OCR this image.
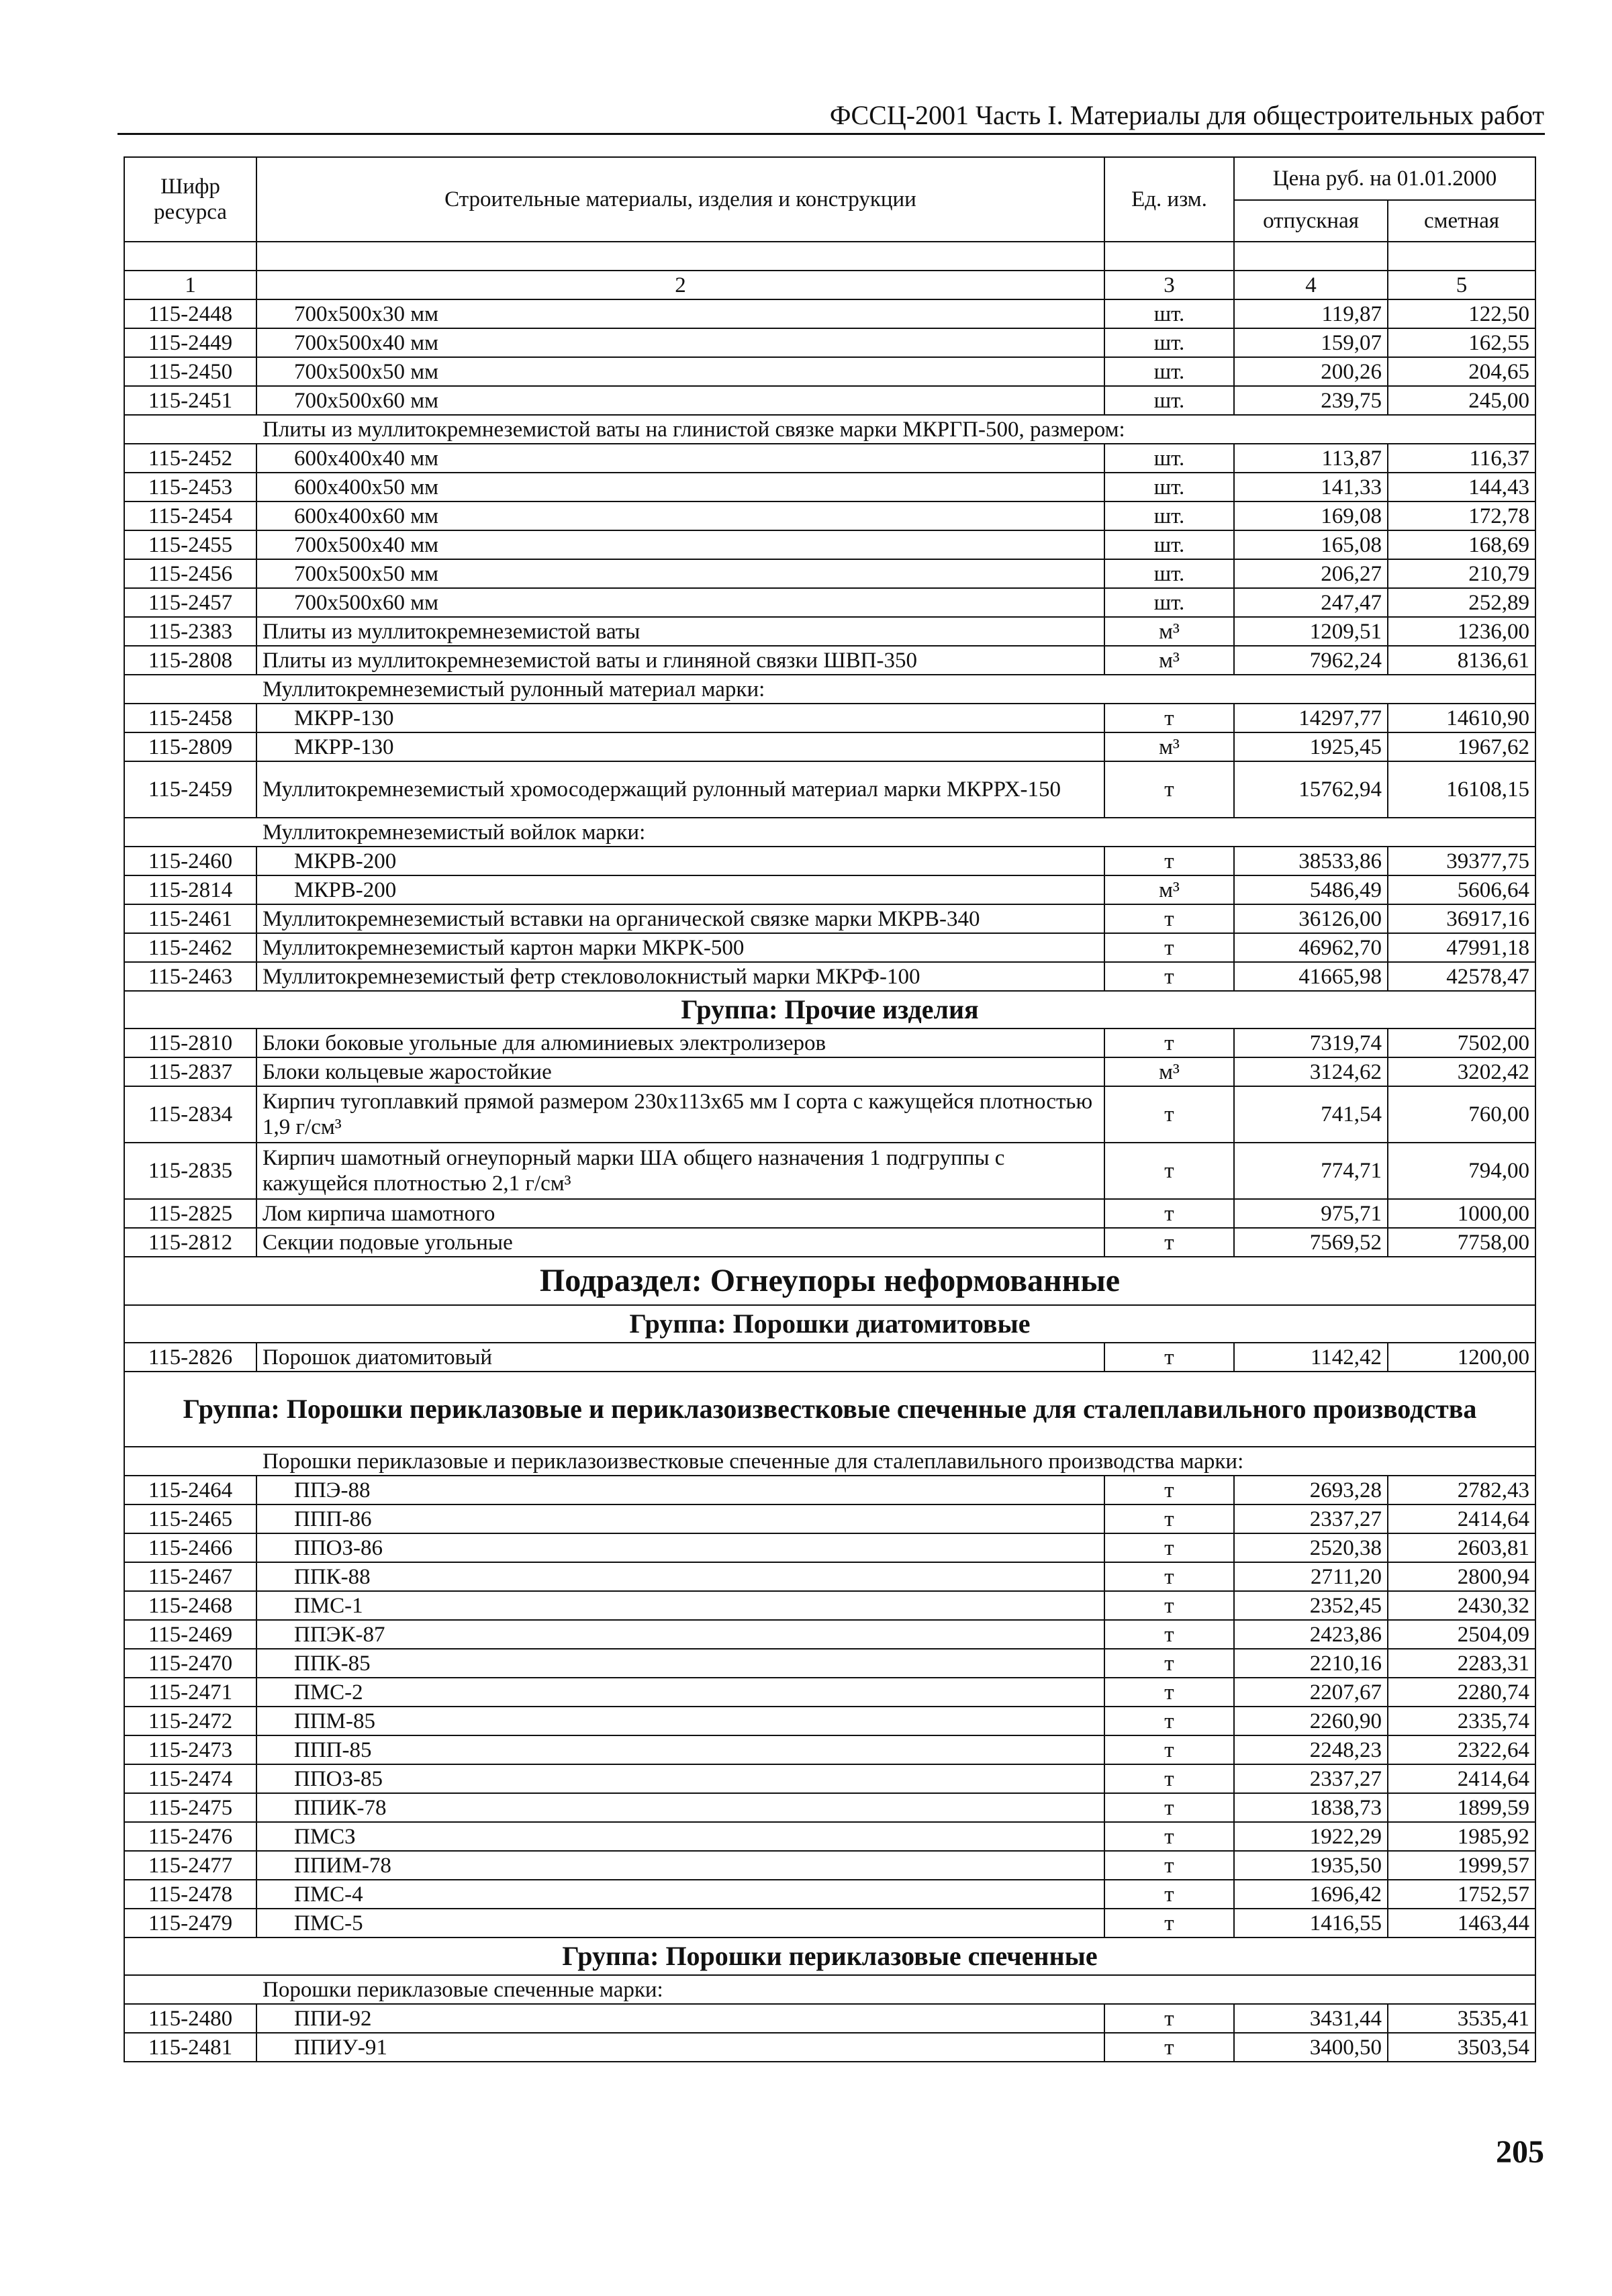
ФССЦ-2001 Часть I. Материалы для общестроительных работ
Шифр ресурса	Строительные материалы, изделия и конструкции	Ед. изм.	Цена руб. на 01.01.2000	
			отпускная	сметная

1	2	3	4	5
115-2448	700х500х30 мм	шт.	119,87	122,50
115-2449	700х500х40 мм	шт.	159,07	162,55
115-2450	700х500х50 мм	шт.	200,26	204,65
115-2451	700х500х60 мм	шт.	239,75	245,00
Плиты из муллитокремнеземистой ваты на глинистой связке марки МКРГП-500, размером:				
115-2452	600х400х40 мм	шт.	113,87	116,37
115-2453	600х400х50 мм	шт.	141,33	144,43
115-2454	600х400х60 мм	шт.	169,08	172,78
115-2455	700х500х40 мм	шт.	165,08	168,69
115-2456	700х500х50 мм	шт.	206,27	210,79
115-2457	700х500х60 мм	шт.	247,47	252,89
115-2383	Плиты из муллитокремнеземистой ваты	м³	1209,51	1236,00
115-2808	Плиты из муллитокремнеземистой ваты и глиняной связки ШВП-350	м³	7962,24	8136,61
Муллитокремнеземистый рулонный материал марки:				
115-2458	МКРР-130	т	14297,77	14610,90
115-2809	МКРР-130	м³	1925,45	1967,62
115-2459	Муллитокремнеземистый хромосодержащий рулонный материал марки МКРРХ-150	т	15762,94	16108,15
Муллитокремнеземистый войлок марки:				
115-2460	МКРВ-200	т	38533,86	39377,75
115-2814	МКРВ-200	м³	5486,49	5606,64
115-2461	Муллитокремнеземистый вставки на органической связке марки МКРВ-340	т	36126,00	36917,16
115-2462	Муллитокремнеземистый картон марки МКРК-500	т	46962,70	47991,18
115-2463	Муллитокремнеземистый фетр стекловолокнистый марки МКРФ-100	т	41665,98	42578,47
Группа: Прочие изделия				
115-2810	Блоки боковые угольные для алюминиевых электролизеров	т	7319,74	7502,00
115-2837	Блоки кольцевые жаростойкие	м³	3124,62	3202,42
115-2834	Кирпич тугоплавкий прямой размером 230х113х65 мм I сорта с кажущейся плотностью 1,9 г/см³	т	741,54	760,00
115-2835	Кирпич шамотный огнеупорный марки ША общего назначения 1 подгруппы с кажущейся плотностью 2,1 г/см³	т	774,71	794,00
115-2825	Лом кирпича шамотного	т	975,71	1000,00
115-2812	Секции подовые угольные	т	7569,52	7758,00
Подраздел: Огнеупоры неформованные				
Группа: Порошки диатомитовые				
115-2826	Порошок диатомитовый	т	1142,42	1200,00
Группа: Порошки периклазовые и периклазоизвестковые спеченные для сталеплавильного производства				
Порошки периклазовые и периклазоизвестковые спеченные для сталеплавильного производства марки:				
115-2464	ППЭ-88	т	2693,28	2782,43
115-2465	ППП-86	т	2337,27	2414,64
115-2466	ППОЗ-86	т	2520,38	2603,81
115-2467	ППК-88	т	2711,20	2800,94
115-2468	ПМС-1	т	2352,45	2430,32
115-2469	ППЭК-87	т	2423,86	2504,09
115-2470	ППК-85	т	2210,16	2283,31
115-2471	ПМС-2	т	2207,67	2280,74
115-2472	ППМ-85	т	2260,90	2335,74
115-2473	ППП-85	т	2248,23	2322,64
115-2474	ППОЗ-85	т	2337,27	2414,64
115-2475	ППИК-78	т	1838,73	1899,59
115-2476	ПМСЗ	т	1922,29	1985,92
115-2477	ППИМ-78	т	1935,50	1999,57
115-2478	ПМС-4	т	1696,42	1752,57
115-2479	ПМС-5	т	1416,55	1463,44
Группа: Порошки периклазовые спеченные				
Порошки периклазовые спеченные марки:				
115-2480	ППИ-92	т	3431,44	3535,41
115-2481	ППИУ-91	т	3400,50	3503,54
205
